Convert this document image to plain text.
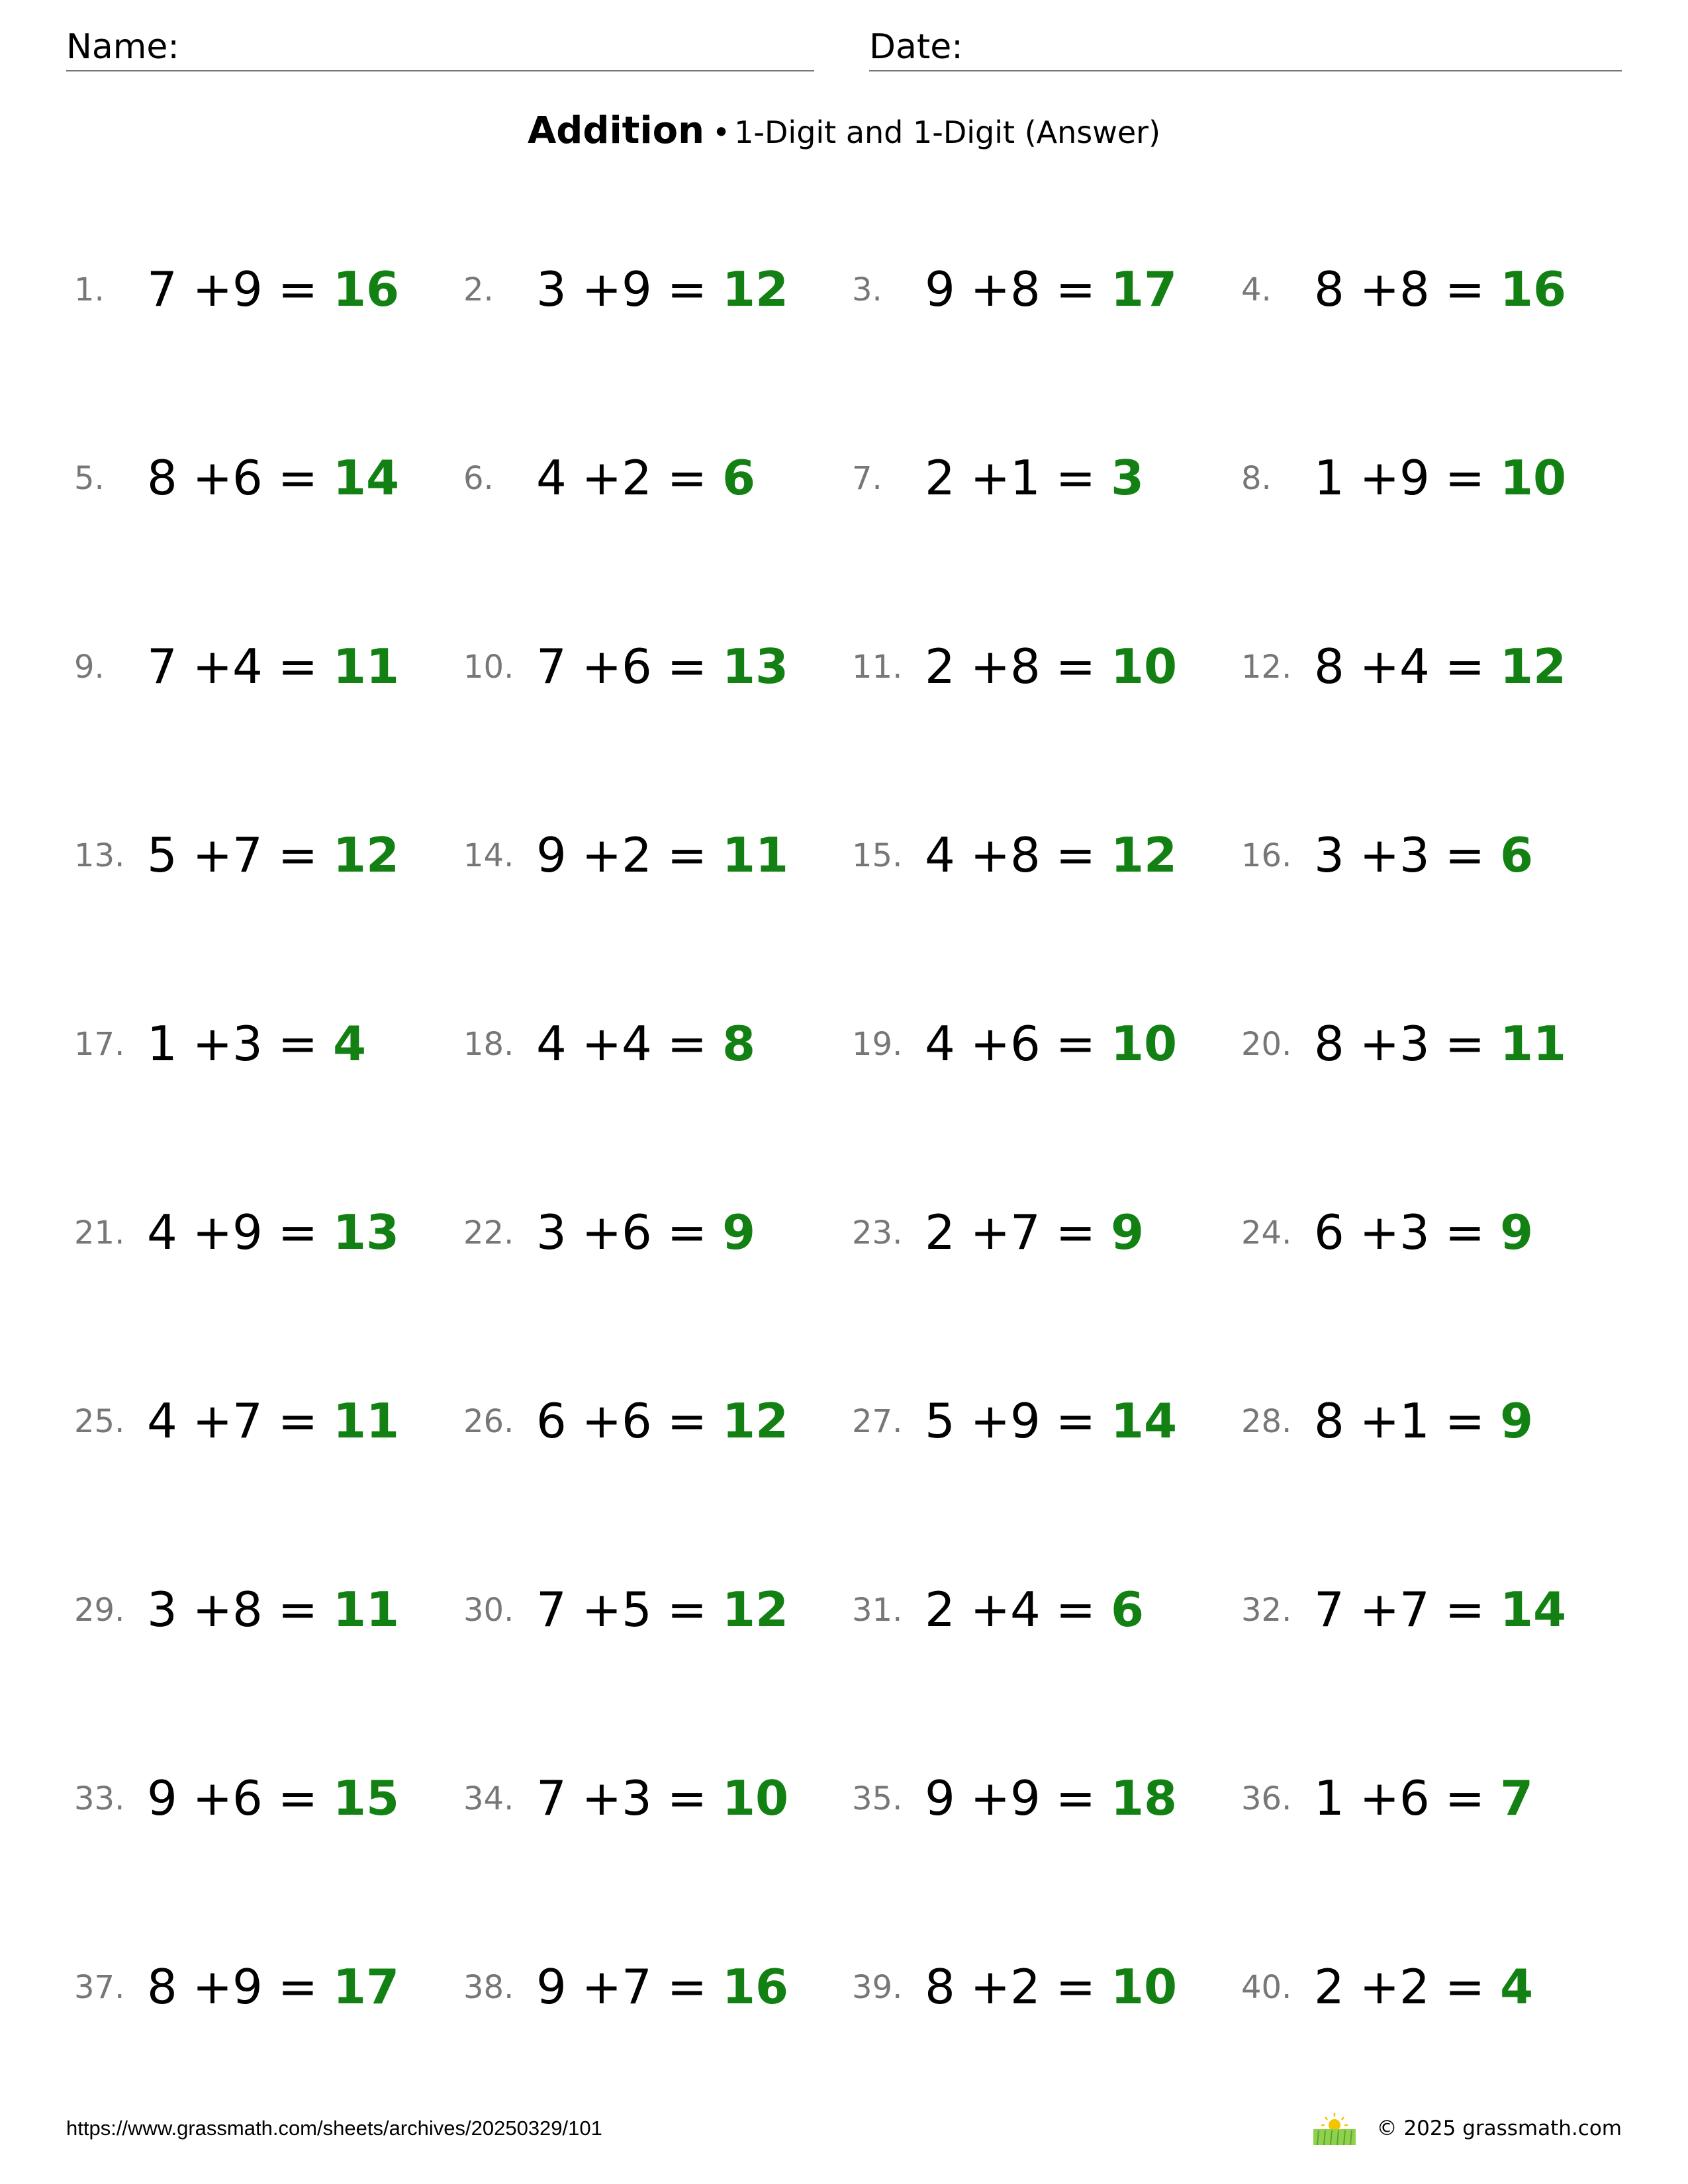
Name:	Date:
Addition • 1-Digit and 1-Digit (Answer)
1. 7 +9 = 16 2. 3 +9 = 12 3. 9 +8 = 17 4. 8 +8 = 16
5. 8 +6 = 14 6. 4 +2 = 6	7. 2 +1 = 3	8. 1 +9 = 10
9. 7 +4 = 11 10. 7 +6 = 13 11. 2 +8 = 10 12. 8 +4 = 12
13. 5 +7 = 12 14. 9 +2 = 11 15. 4 +8 = 12 16. 3 +3 = 6
17. 1 +3 = 4	18. 4 +4 = 8	19. 4 +6 = 10 20. 8 +3 = 11
21. 4 +9 = 13 22. 3 +6 = 9	23. 2 +7 = 9	24. 6 +3 = 9
25. 4 +7 = 11 26. 6 +6 = 12 27. 5 +9 = 14 28. 8 +1 = 9
29. 3 +8 = 11 30. 7 +5 = 12 31. 2 +4 = 6	32. 7 +7 = 14
33. 9 +6 = 15 34. 7 +3 = 10 35. 9 +9 = 18 36. 1 +6 = 7
37. 8 +9 = 17 38. 9 +7 = 16 39. 8 +2 = 10 40. 2 +2 = 4
https://www.grassmath.com/sheets/archives/20250329/101	© 2025 grassmath.com
